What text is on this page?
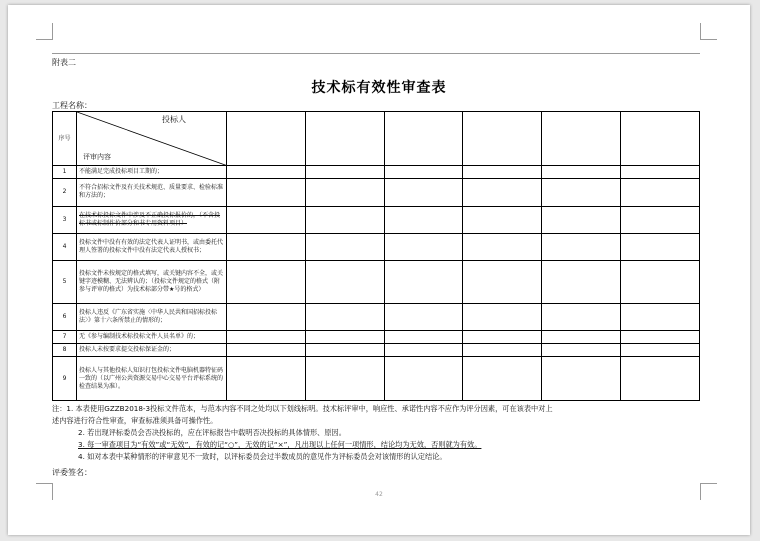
附表二
技术标有效性审查表
工程名称：
序号	投标人
评审内容						

1	不能满足完成投标项目工期的；						
2	不符合招标文件及有关技术规范、质量要求、检验标准和方法的；						
3	在技术标投标文件中涉及不正确投标报价的，（不含投标书或标制作价部分和书专用资料项目）						
4	投标文件中没有有效的法定代表人证明书，或由委托代理人签署的投标文件中没有法定代表人授权书；						
5	投标文件未按规定的格式填写，或关键内容不全，或关键字迹模糊、无法辨认的；（投标文件规定的格式（附参与评审的格式）为技术标部分带★号的格式）						
6	投标人违反《广东省实施〈中华人民共和国招标投标法〉》第十六条所禁止的情形的；						
7	无《参与编制技术标投标文件人员名单》的；						
8	投标人未按要求提交投标保证金的；						
9	投标人与其他投标人知识打包投标文件电脑机器特征码一致的（以广州公共资源交易中心交易平台评标系统的检查结果为准）。						

注：1. 本表使用GZZB2018-3投标文件范本，与范本内容不同之处均以下划线标明。技术标评审中，响应性、承诺性内容不应作为评分因素，可在该表中对上

述内容进行符合性审查，审查标准须具备可操作性。

2. 若出现评标委员会否决投标的，应在评标报告中载明否决投标的具体情形、原因。

3. 每一审查项目为“有效”或“无效”，有效的记“○”，无效的记“×”，凡出现以上任何一项情形，结论均为无效，否则就为有效。

4. 如对本表中某种情形的评审意见不一致时，以评标委员会过半数成员的意见作为评标委员会对该情形的认定结论。

评委签名：
42
